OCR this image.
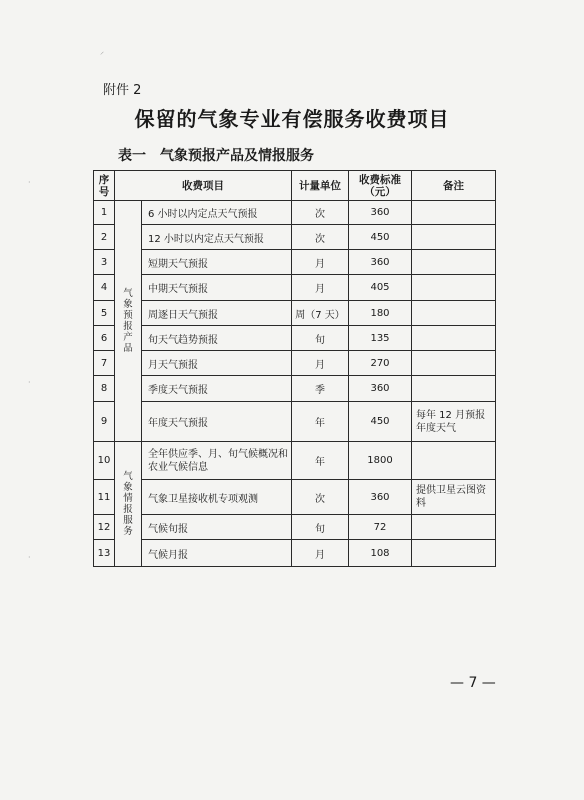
⸝
·
·
·
附件 2
保留的气象专业有偿服务收费项目
表一　气象预报产品及情报服务
序号	收费项目		计量单位	收费标准（元）	备注
1	气象预报产品	6 小时以内定点天气预报	次	360	
2		12 小时以内定点天气预报	次	450	
3		短期天气预报	月	360	
4		中期天气预报	月	405	
5		周逐日天气预报	周（7 天）	180	
6		旬天气趋势预报	旬	135	
7		月天气预报	月	270	
8		季度天气预报	季	360	
9		年度天气预报	年	450	每年 12 月预报年度天气
10	气象情报服务	全年供应季、月、旬气候概况和农业气候信息	年	1800	
11		气象卫星接收机专项观测	次	360	提供卫星云图资料
12		气候旬报	旬	72	
13		气候月报	月	108	
— 7 —
